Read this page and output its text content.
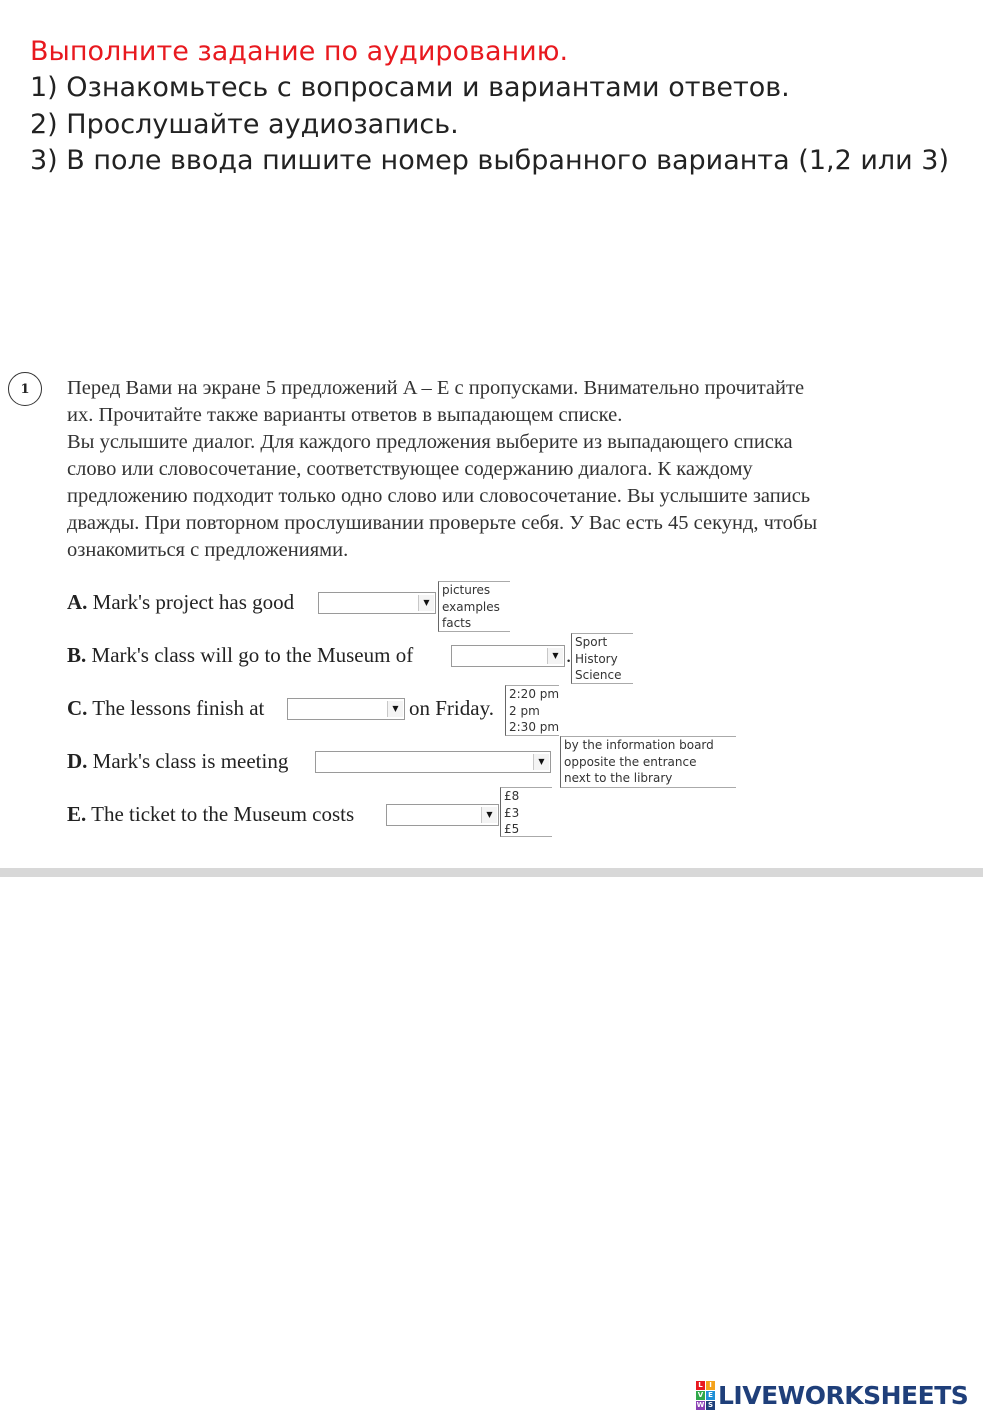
Выполните задание по аудированию.
1) Ознакомьтесь с вопросами и вариантами ответов.
2) Прослушайте аудиозапись.
3) В поле ввода пишите номер выбранного варианта (1,2 или 3)
1	Перед Вами на экране 5 предложений A – E с пропусками. Внимательно прочитайте
их. Прочитайте также варианты ответов в выпадающем списке.
Вы услышите диалог. Для каждого предложения выберите из выпадающего списка
слово или словосочетание, соответствующее содержанию диалога. К каждому
предложению подходит только одно слово или словосочетание. Вы услышите запись
дважды. При повторном прослушивании проверьте себя. У Вас есть 45 секунд, чтобы
ознакомиться с предложениями.
A. Mark's project has good	▼
pictures
examples
facts
B. Mark's class will go to the Museum of	▼ .
Sport
History
Science
C. The lessons finish at	▼ on Friday.
2:20 pm
2 pm
2:30 pm
D. Mark's class is meeting	▼
by the information board
opposite the entrance
next to the library
E. The ticket to the Museum costs	▼
£8
£3
£5
L I
V E
W S LIVEWORKSHEETS
